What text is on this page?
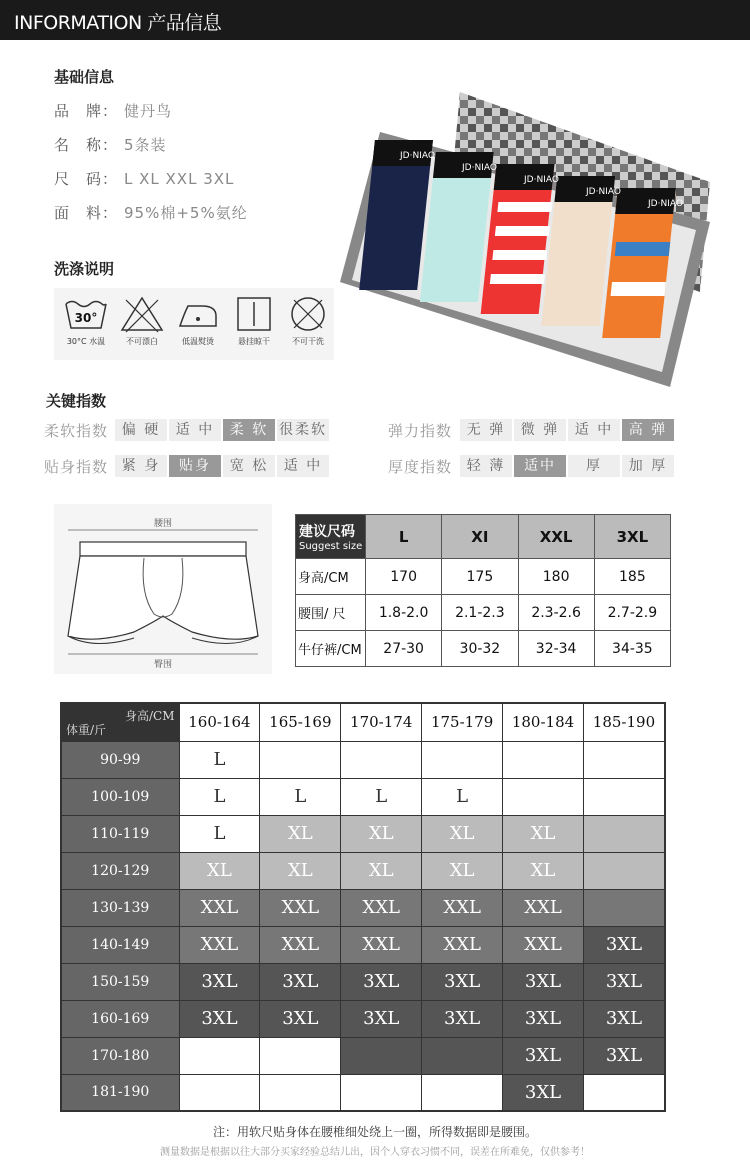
INFORMATION 产品信息
基础信息
品　牌： 健丹鸟
名　称： 5条装
尺　码： L XL XXL 3XL
面　料： 95%棉+5%氨纶
洗涤说明
30°
30°C 水温	不可漂白	低温熨烫	悬挂晾干	不可干洗
JD·NIAO
JD·NIAO
JD·NIAO
JD·NIAO
JD·NIAO
关键指数
柔软指数 偏 硬	适 中	柔 软 很柔软	弹力指数	无 弹	微 弹	适 中	高 弹
贴身指数 紧 身	贴身	宽 松	适 中	厚度指数	轻 薄	适中	厚	加 厚
腰围
臀围
建议尺码
Suggest size	L	XI	XXL	3XL
身高/CM	170	175	180	185
腰围/ 尺	1.8-2.0	2.1-2.3	2.3-2.6	2.7-2.9
牛仔裤/CM	27-30	30-32	32-34	34-35
身高/CM
体重/斤	160-164	165-169	170-174	175-179	180-184	185-190
90-99	L					
100-109	L	L	L	L		
110-119	L	XL	XL	XL	XL	
120-129	XL	XL	XL	XL	XL	
130-139	XXL	XXL	XXL	XXL	XXL	
140-149	XXL	XXL	XXL	XXL	XXL	3XL
150-159	3XL	3XL	3XL	3XL	3XL	3XL
160-169	3XL	3XL	3XL	3XL	3XL	3XL
170-180					3XL	3XL
181-190					3XL	
注：用软尺贴身体在腰椎细处绕上一圈，所得数据即是腰围。
测量数据是根据以往大部分买家经验总结儿出，因个人穿衣习惯不同，误差在所难免，仅供参考！
